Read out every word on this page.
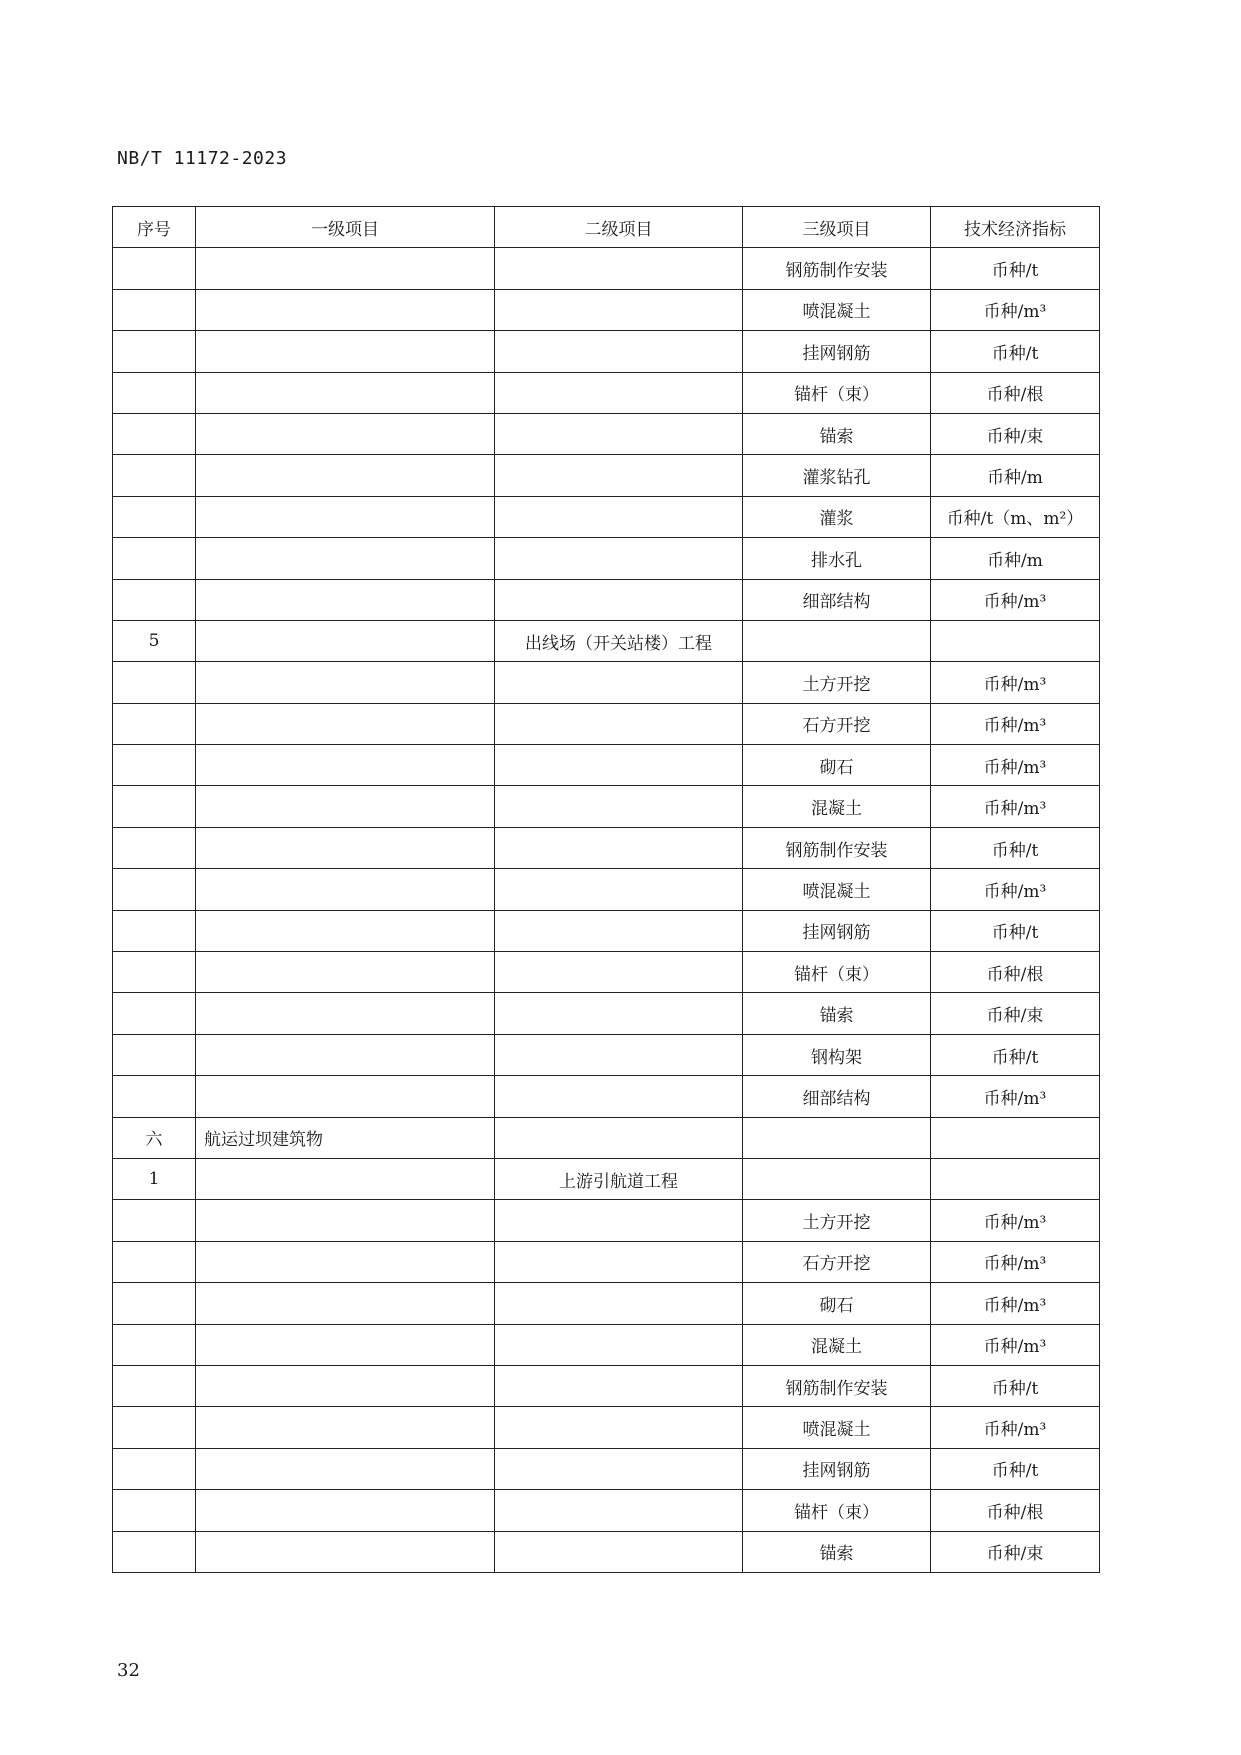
NB/T 11172-2023
序号	一级项目	二级项目	三级项目	技术经济指标
			钢筋制作安装	币种/t
			喷混凝土	币种/m³
			挂网钢筋	币种/t
			锚杆（束）	币种/根
			锚索	币种/束
			灌浆钻孔	币种/m
			灌浆	币种/t（m、m²）
			排水孔	币种/m
			细部结构	币种/m³
5		出线场（开关站楼）工程		
			土方开挖	币种/m³
			石方开挖	币种/m³
			砌石	币种/m³
			混凝土	币种/m³
			钢筋制作安装	币种/t
			喷混凝土	币种/m³
			挂网钢筋	币种/t
			锚杆（束）	币种/根
			锚索	币种/束
			钢构架	币种/t
			细部结构	币种/m³
六	航运过坝建筑物			
1		上游引航道工程		
			土方开挖	币种/m³
			石方开挖	币种/m³
			砌石	币种/m³
			混凝土	币种/m³
			钢筋制作安装	币种/t
			喷混凝土	币种/m³
			挂网钢筋	币种/t
			锚杆（束）	币种/根
			锚索	币种/束
32
